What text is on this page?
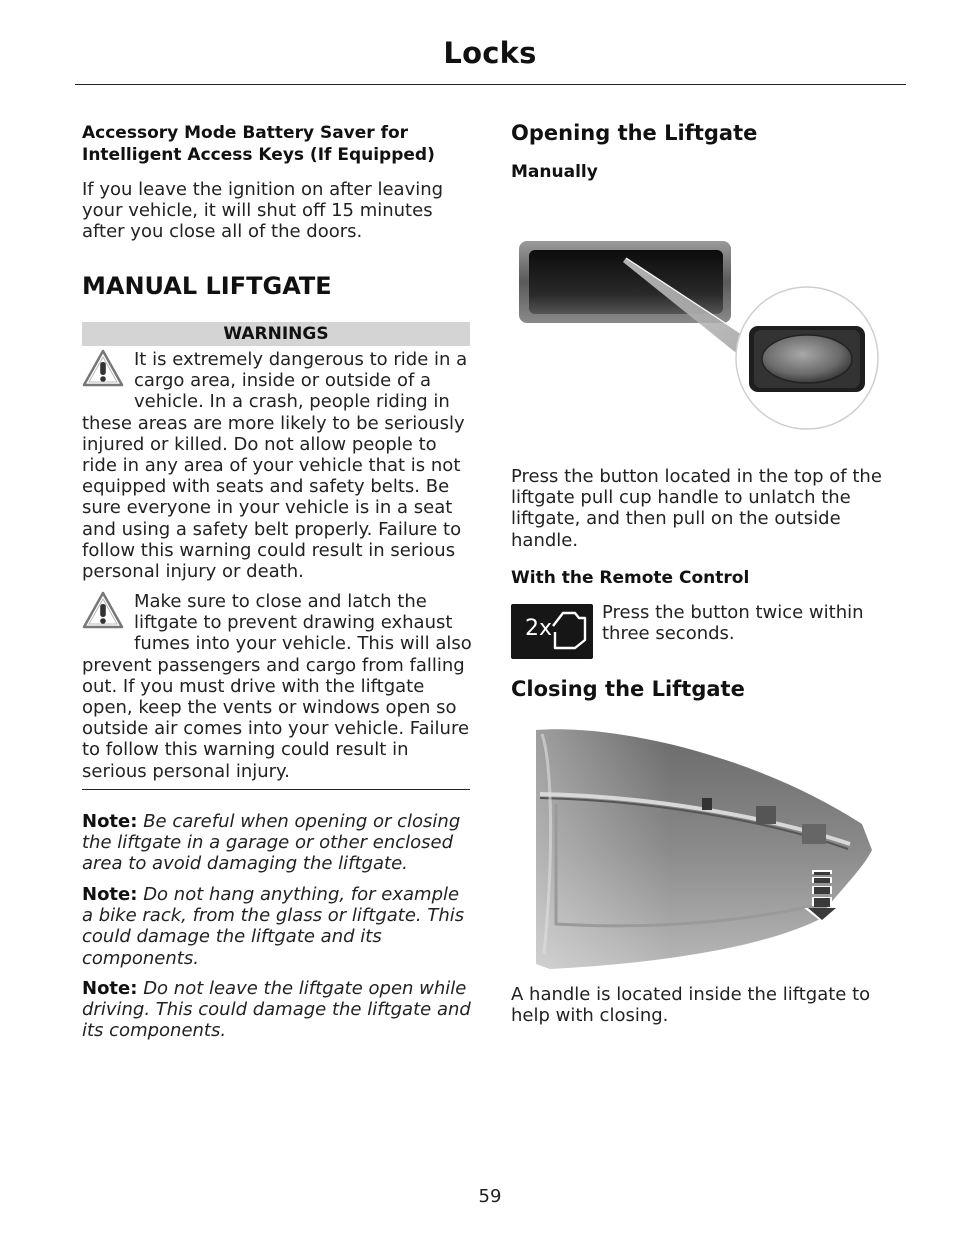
Locks
Accessory Mode Battery Saver for
Intelligent Access Keys (If Equipped)
If you leave the ignition on after leaving your vehicle, it will shut off 15 minutes after you close all of the doors.
MANUAL LIFTGATE
WARNINGS
It is extremely dangerous to ride in a cargo area, inside or outside of a vehicle. In a crash, people riding in these areas are more likely to be seriously injured or killed. Do not allow people to ride in any area of your vehicle that is not equipped with seats and safety belts. Be sure everyone in your vehicle is in a seat and using a safety belt properly. Failure to follow this warning could result in serious personal injury or death.
Make sure to close and latch the liftgate to prevent drawing exhaust fumes into your vehicle. This will also prevent passengers and cargo from falling out. If you must drive with the liftgate open, keep the vents or windows open so outside air comes into your vehicle. Failure to follow this warning could result in serious personal injury.
Note: Be careful when opening or closing the liftgate in a garage or other enclosed area to avoid damaging the liftgate.
Note: Do not hang anything, for example a bike rack, from the glass or liftgate. This could damage the liftgate and its components.
Note: Do not leave the liftgate open while driving. This could damage the liftgate and its components.
Opening the Liftgate
Manually
Press the button located in the top of the liftgate pull cup handle to unlatch the liftgate, and then pull on the outside handle.
With the Remote Control
2x
Press the button twice within three seconds.
Closing the Liftgate
A handle is located inside the liftgate to help with closing.
59
